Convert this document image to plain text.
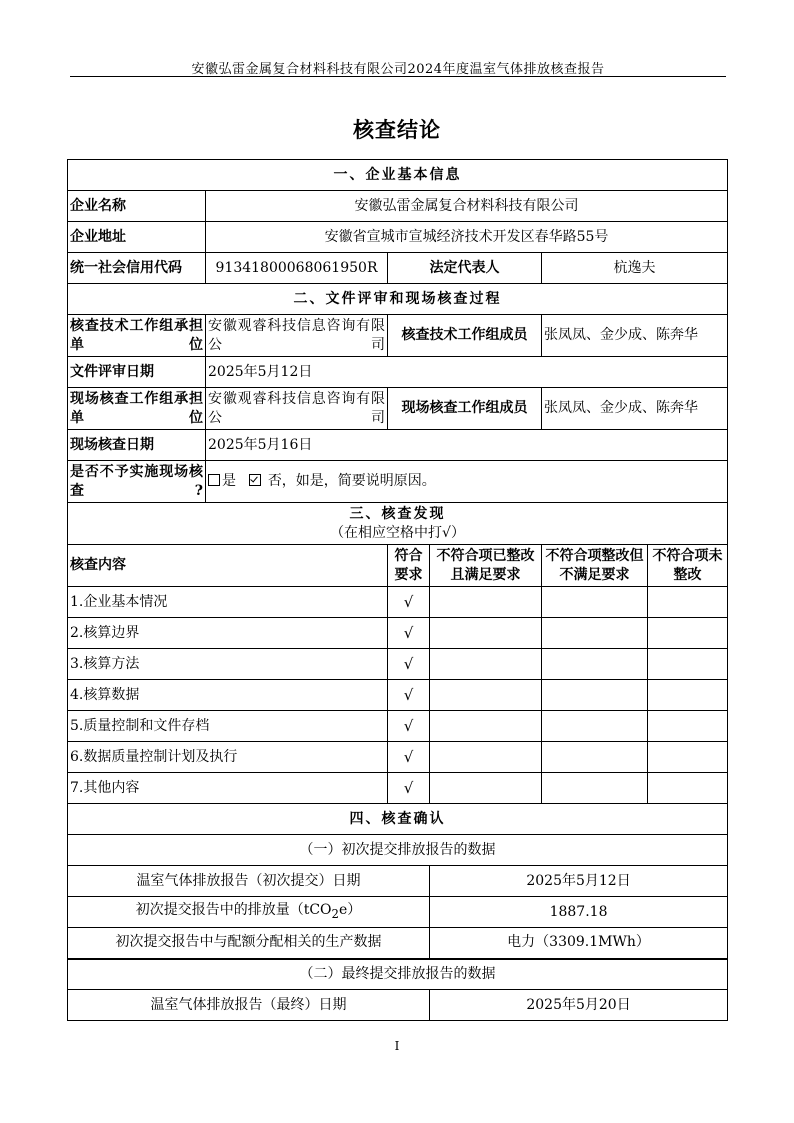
安徽弘雷金属复合材料科技有限公司2024年度温室气体排放核查报告
核查结论
一、企业基本信息					
企业名称	安徽弘雷金属复合材料科技有限公司				
企业地址	安徽省宣城市宣城经济技术开发区春华路55号				
统一社会信用代码	91341800068061950R	法定代表人		杭逸夫	
二、文件评审和现场核查过程					
核查技术工作组承担单位	安徽观睿科技信息咨询有限公司	核查技术工作组成员		张凤凤、金少成、陈奔华	
文件评审日期	2025年5月12日				
现场核查工作组承担单位	安徽观睿科技信息咨询有限公司	现场核查工作组成员		张凤凤、金少成、陈奔华	
现场核查日期	2025年5月16日				
是否不予实施现场核查?	是 否，如是，简要说明原因。				

三、核查发现
（在相应空格中打√）					

核查内容		符合要求	不符合项已整改且满足要求	不符合项整改但不满足要求	不符合项未整改
1.企业基本情况		√			
2.核算边界		√			
3.核算方法		√			
4.核算数据		√			
5.质量控制和文件存档		√			
6.数据质量控制计划及执行		√			
7.其他内容		√			
四、核查确认					
（一）初次提交排放报告的数据					
温室气体排放报告（初次提交）日期			2025年5月12日		
初次提交报告中的排放量（tCO$_2$e）			1887.18		
初次提交报告中与配额分配相关的生产数据			电力（3309.1MWh）		
（二）最终提交排放报告的数据					
温室气体排放报告（最终）日期			2025年5月20日		
I
